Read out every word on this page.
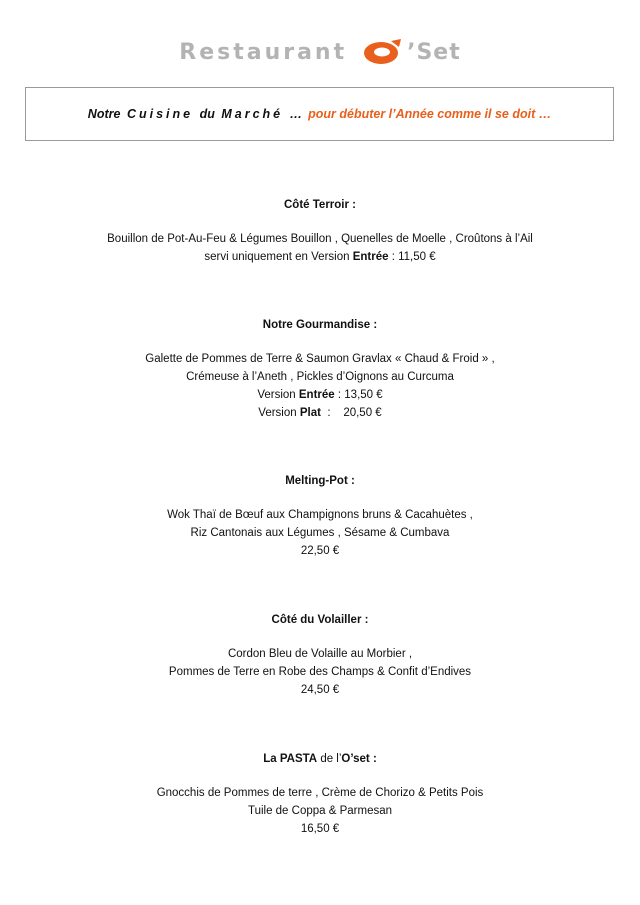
Restaurant	’Set
Notre Cuisine du Marché … pour débuter l’Année comme il se doit …
Côté Terroir :
Bouillon de Pot-Au-Feu & Légumes Bouillon , Quenelles de Moelle , Croûtons à l’Ail
servi uniquement en Version Entrée : 11,50 €
Notre Gourmandise :
Galette de Pommes de Terre & Saumon Gravlax « Chaud & Froid » ,
Crémeuse à l’Aneth , Pickles d’Oignons au Curcuma
Version Entrée : 13,50 €
Version Plat :    20,50 €
Melting-Pot :
Wok Thaï de Bœuf aux Champignons bruns & Cacahuètes ,
Riz Cantonais aux Légumes , Sésame & Cumbava
22,50 €
Côté du Volailler :
Cordon Bleu de Volaille au Morbier ,
Pommes de Terre en Robe des Champs & Confit d’Endives
24,50 €
La PASTA de l’O’set :
Gnocchis de Pommes de terre , Crème de Chorizo & Petits Pois
Tuile de Coppa & Parmesan
16,50 €
